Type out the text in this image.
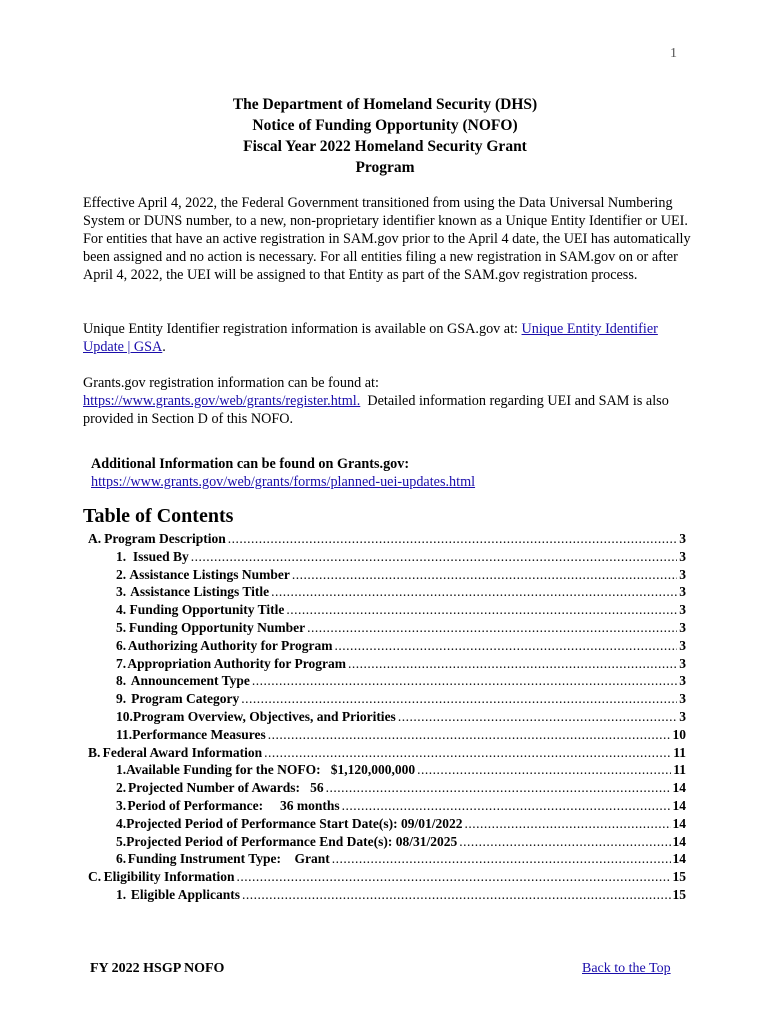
1
The Department of Homeland Security (DHS)
Notice of Funding Opportunity (NOFO)
Fiscal Year 2022 Homeland Security Grant
Program
Effective April 4, 2022, the Federal Government transitioned from using the Data Universal Numbering System or DUNS number, to a new, non-proprietary identifier known as a Unique Entity Identifier or UEI. For entities that have an active registration in SAM.gov prior to the April 4 date, the UEI has automatically been assigned and no action is necessary. For all entities filing a new registration in SAM.gov on or after April 4, 2022, the UEI will be assigned to that Entity as part of the SAM.gov registration process.
Unique Entity Identifier registration information is available on GSA.gov at: Unique Entity Identifier Update | GSA.
Grants.gov registration information can be found at:
https://www.grants.gov/web/grants/register.html.  Detailed information regarding UEI and SAM is also provided in Section D of this NOFO.
Additional Information can be found on Grants.gov:
https://www.grants.gov/web/grants/forms/planned-uei-updates.html
Table of Contents
A. Program Description .....	3
1. Issued By .....	3
2. Assistance Listings Number .....	3
3. Assistance Listings Title .....	3
4. Funding Opportunity Title .....	3
5. Funding Opportunity Number .....	3
6. Authorizing Authority for Program .....	3
7. Appropriation Authority for Program .....	3
8. Announcement Type .....	3
9. Program Category .....	3
10. Program Overview, Objectives, and Priorities .....	3
11. Performance Measures .....	10
B. Federal Award Information .....	11
1. Available Funding for the NOFO:   $1,120,000,000 .....	11
2. Projected Number of Awards:   56 .....	14
3. Period of Performance:     36 months .....	14
4. Projected Period of Performance Start Date(s): 09/01/2022 .....	14
5. Projected Period of Performance End Date(s): 08/31/2025 .....	14
6. Funding Instrument Type:    Grant .....	14
C. Eligibility Information .....	15
1. Eligible Applicants .....	15
FY 2022 HSGP NOFO	Back to the Top
